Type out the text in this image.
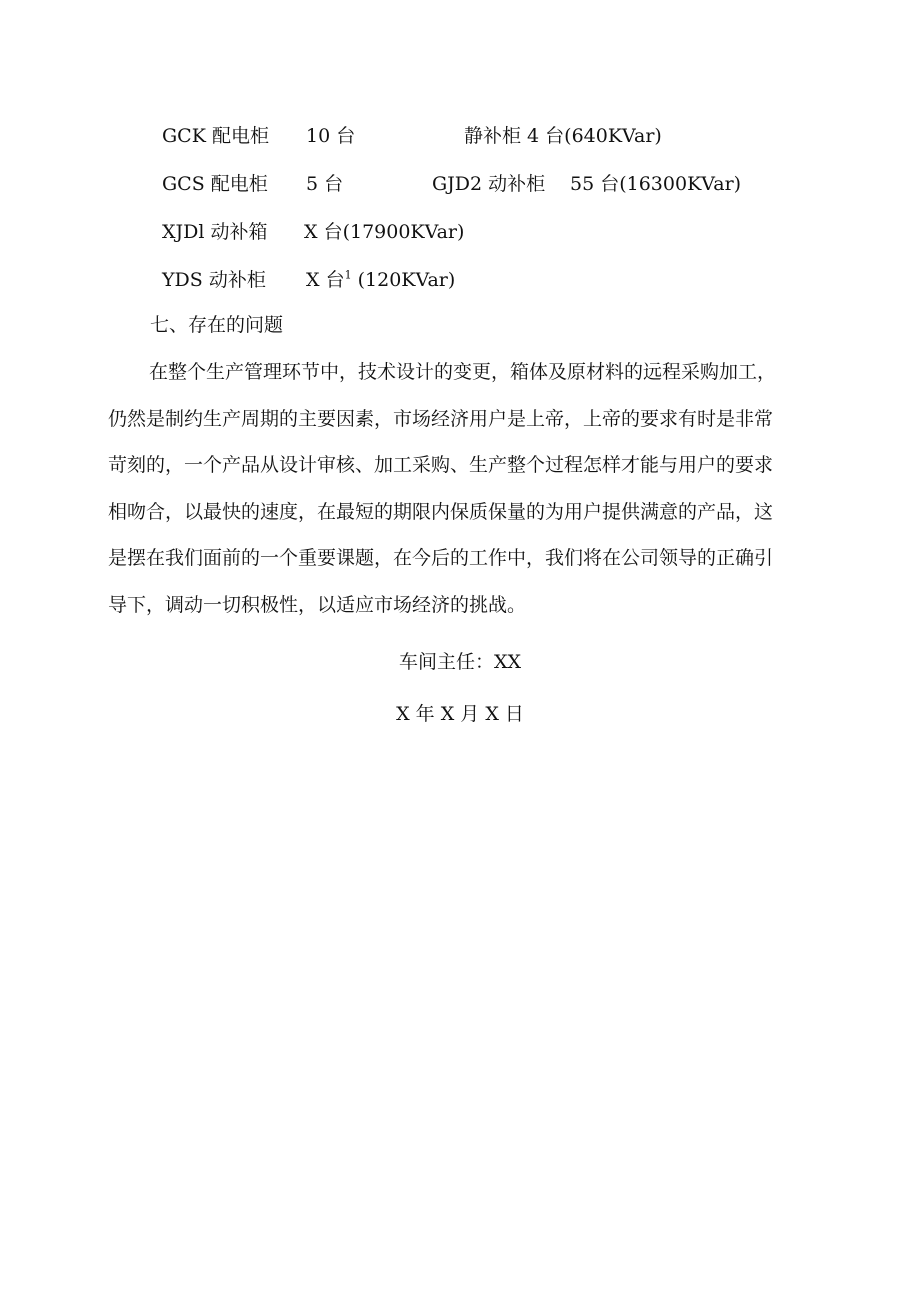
GCK 配电柜 10 台	静补柜 4 台(640KVar)
GCS 配电柜 5 台	GJD2 动补柜 55 台(16300KVar)
XJDl 动补箱 X 台(17900KVar)
YDS 动补柜 X 台$^1$ (120KVar)
七、存在的问题

在整个生产管理环节中，技术设计的变更，箱体及原材料的远程采购加工，

仍然是制约生产周期的主要因素，市场经济用户是上帝，上帝的要求有时是非常

苛刻的，一个产品从设计审核、加工采购、生产整个过程怎样才能与用户的要求

相吻合，以最快的速度，在最短的期限内保质保量的为用户提供满意的产品，这

是摆在我们面前的一个重要课题，在今后的工作中，我们将在公司领导的正确引

导下，调动一切积极性，以适应市场经济的挑战。

车间主任：XX
X 年 X 月 X 日
